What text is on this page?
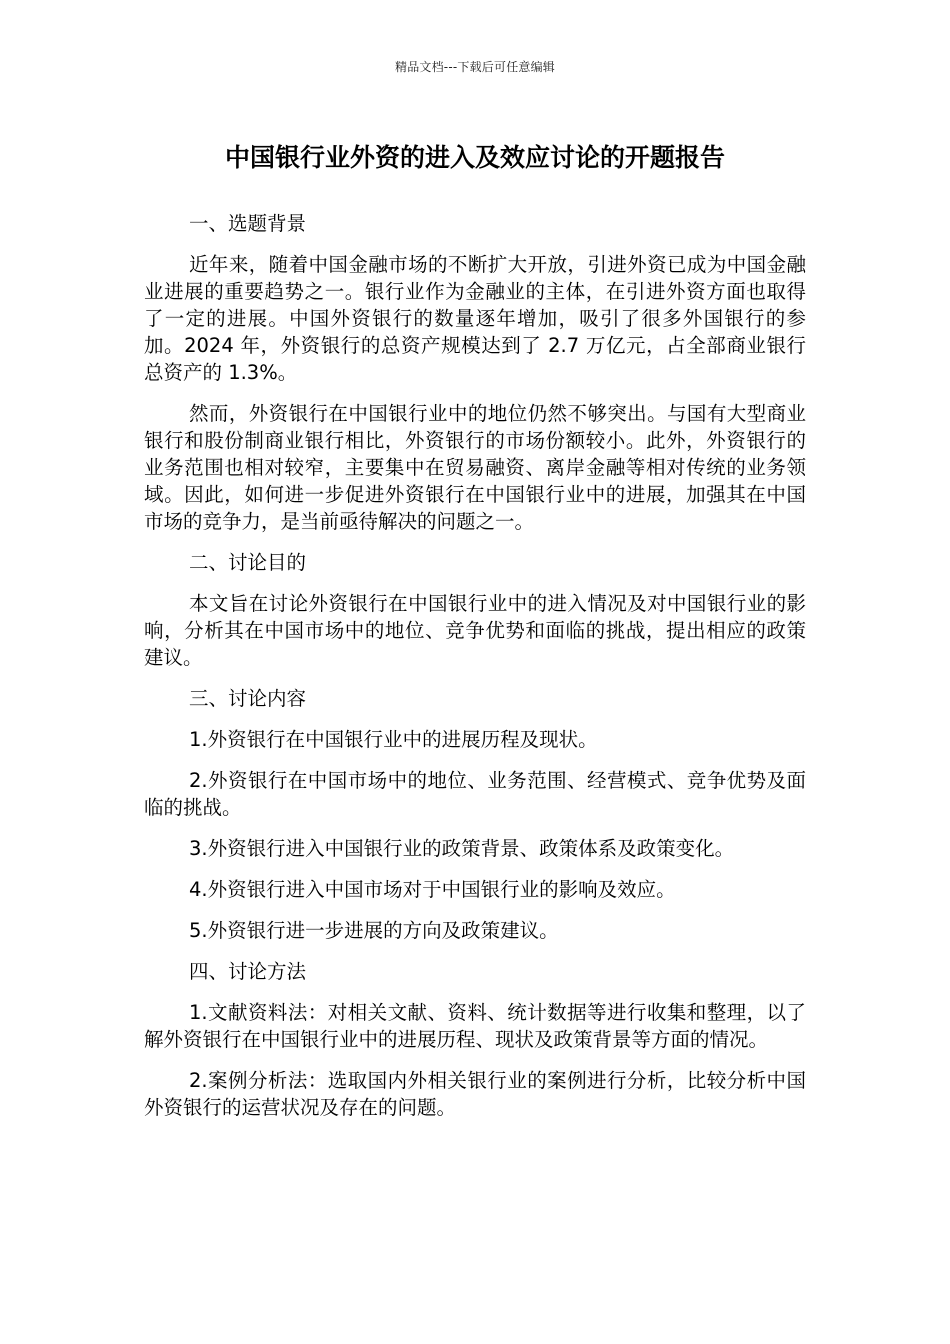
精品文档---下载后可任意编辑
中国银行业外资的进入及效应讨论的开题报告

一、选题背景

近年来，随着中国金融市场的不断扩大开放，引进外资已成为中国金融业进展的重要趋势之一。银行业作为金融业的主体，在引进外资方面也取得了一定的进展。中国外资银行的数量逐年增加，吸引了很多外国银行的参加。2024 年，外资银行的总资产规模达到了 2.7 万亿元，占全部商业银行总资产的 1.3%。

然而，外资银行在中国银行业中的地位仍然不够突出。与国有大型商业银行和股份制商业银行相比，外资银行的市场份额较小。此外，外资银行的业务范围也相对较窄，主要集中在贸易融资、离岸金融等相对传统的业务领域。因此，如何进一步促进外资银行在中国银行业中的进展，加强其在中国市场的竞争力，是当前亟待解决的问题之一。

二、讨论目的

本文旨在讨论外资银行在中国银行业中的进入情况及对中国银行业的影响，分析其在中国市场中的地位、竞争优势和面临的挑战，提出相应的政策建议。

三、讨论内容

1.外资银行在中国银行业中的进展历程及现状。

2.外资银行在中国市场中的地位、业务范围、经营模式、竞争优势及面临的挑战。

3.外资银行进入中国银行业的政策背景、政策体系及政策变化。

4.外资银行进入中国市场对于中国银行业的影响及效应。

5.外资银行进一步进展的方向及政策建议。

四、讨论方法

1.文献资料法：对相关文献、资料、统计数据等进行收集和整理，以了解外资银行在中国银行业中的进展历程、现状及政策背景等方面的情况。

2.案例分析法：选取国内外相关银行业的案例进行分析，比较分析中国外资银行的运营状况及存在的问题。
